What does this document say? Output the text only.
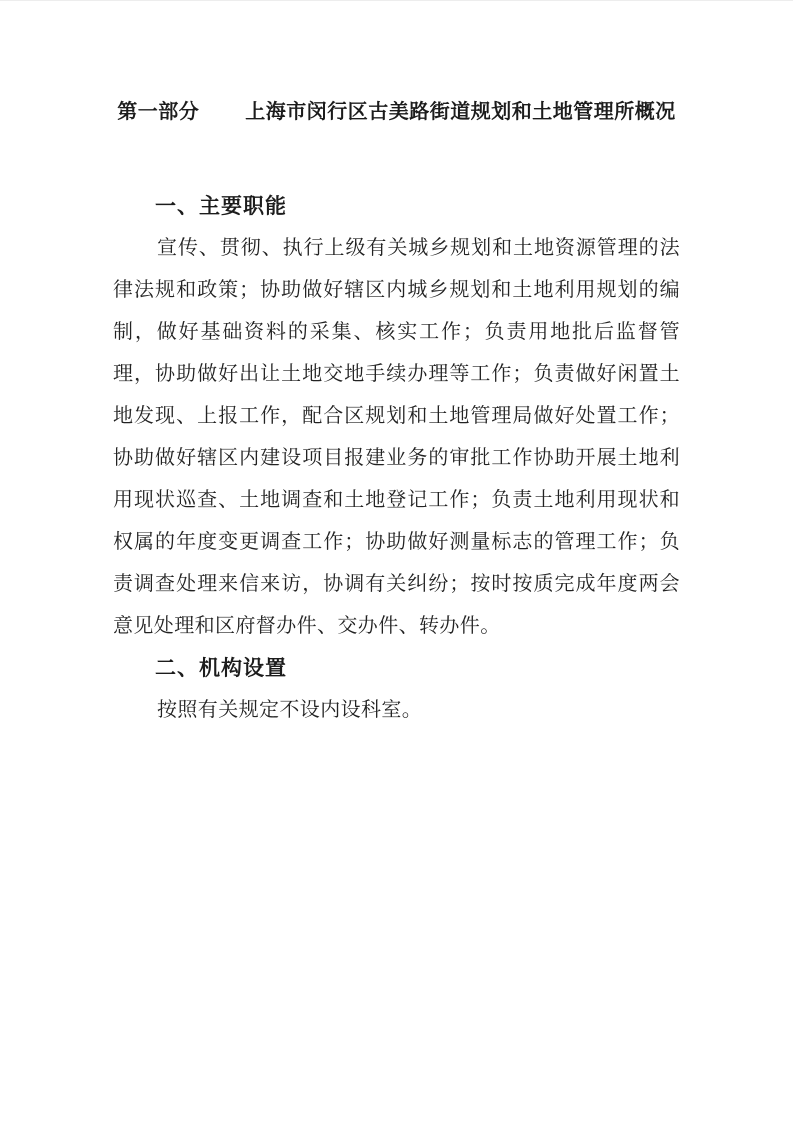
第一部分 上海市闵行区古美路街道规划和土地管理所概况
一、主要职能

宣传、贯彻、执行上级有关城乡规划和土地资源管理的法律法规和政策；协助做好辖区内城乡规划和土地利用规划的编制，做好基础资料的采集、核实工作；负责用地批后监督管理，协助做好出让土地交地手续办理等工作；负责做好闲置土地发现、上报工作，配合区规划和土地管理局做好处置工作；协助做好辖区内建设项目报建业务的审批工作协助开展土地利用现状巡查、土地调查和土地登记工作；负责土地利用现状和权属的年度变更调查工作；协助做好测量标志的管理工作；负责调查处理来信来访，协调有关纠纷；按时按质完成年度两会意见处理和区府督办件、交办件、转办件。

二、机构设置

按照有关规定不设内设科室。
